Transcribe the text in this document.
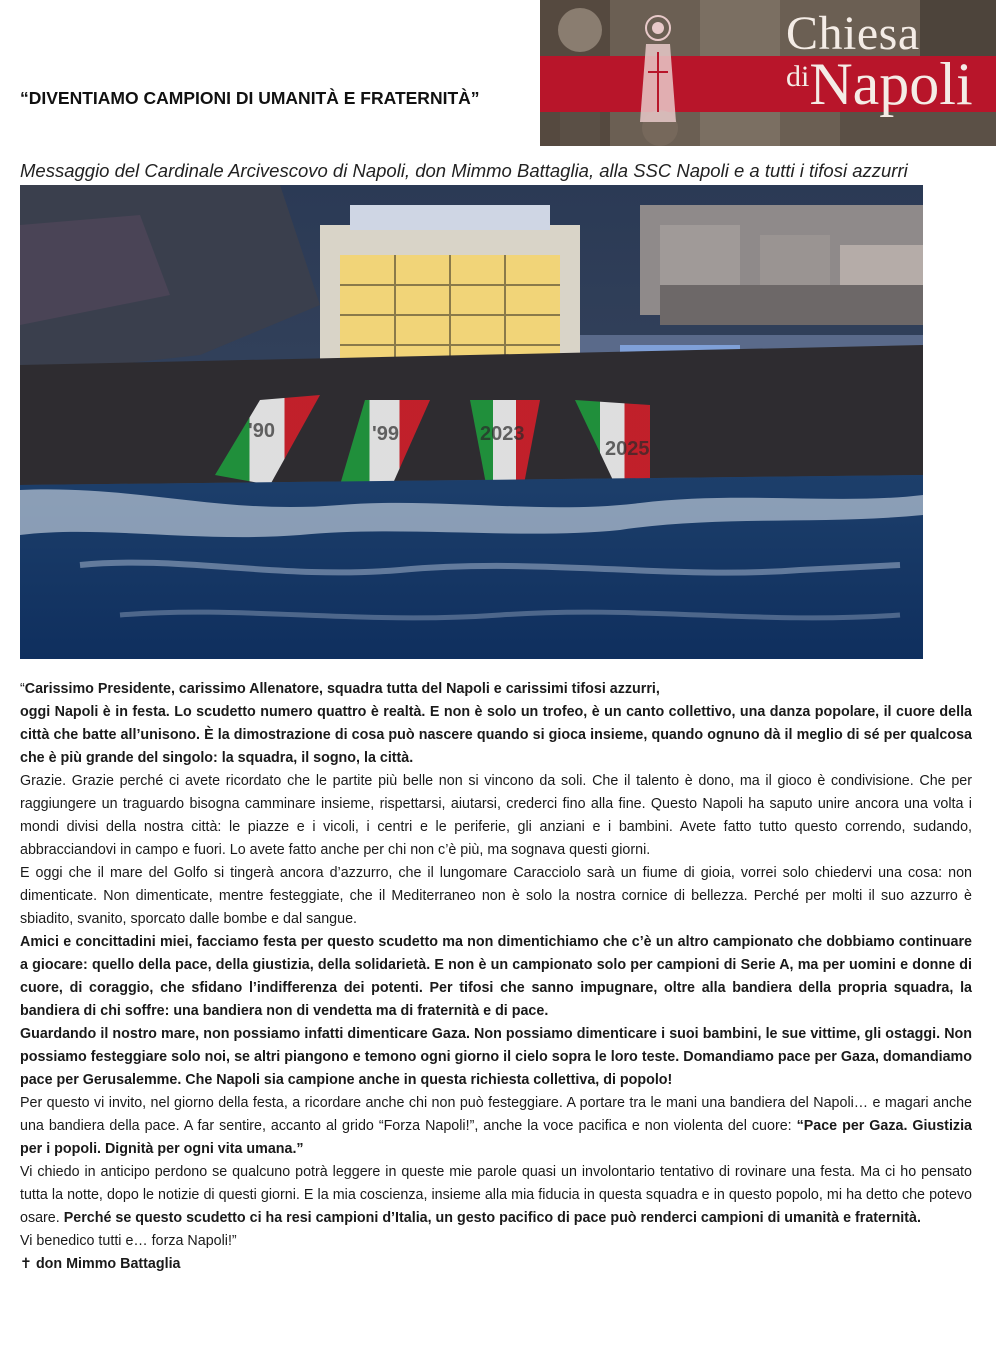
Chiesa
diNapoli
“DIVENTIAMO CAMPIONI DI UMANITÀ E FRATERNITÀ”
Messaggio del Cardinale Arcivescovo di Napoli, don Mimmo Battaglia, alla SSC Napoli e a tutti i tifosi azzurri
'90	'99	2023
2025

“Carissimo Presidente, carissimo Allenatore, squadra tutta del Napoli e carissimi tifosi azzurri,

oggi Napoli è in festa. Lo scudetto numero quattro è realtà. E non è solo un trofeo, è un canto collettivo, una danza popolare, il cuore della città che batte all’unisono. È la dimostrazione di cosa può nascere quando si gioca insieme, quando ognuno dà il meglio di sé per qualcosa che è più grande del singolo: la squadra, il sogno, la città.

Grazie. Grazie perché ci avete ricordato che le partite più belle non si vincono da soli. Che il talento è dono, ma il gioco è condivisione. Che per raggiungere un traguardo bisogna camminare insieme, rispettarsi, aiutarsi, crederci fino alla fine. Questo Napoli ha saputo unire ancora una volta i mondi divisi della nostra città: le piazze e i vicoli, i centri e le periferie, gli anziani e i bambini. Avete fatto tutto questo correndo, sudando, abbracciandovi in campo e fuori. Lo avete fatto anche per chi non c’è più, ma sognava questi giorni.

E oggi che il mare del Golfo si tingerà ancora d’azzurro, che il lungomare Caracciolo sarà un fiume di gioia, vorrei solo chiedervi una cosa: non dimenticate. Non dimenticate, mentre festeggiate, che il Mediterraneo non è solo la nostra cornice di bellezza. Perché per molti il suo azzurro è sbiadito, svanito, sporcato dalle bombe e dal sangue.

Amici e concittadini miei, facciamo festa per questo scudetto ma non dimentichiamo che c’è un altro campionato che dobbiamo continuare a giocare: quello della pace, della giustizia, della solidarietà. E non è un campionato solo per campioni di Serie A, ma per uomini e donne di cuore, di coraggio, che sfidano l’indifferenza dei potenti. Per tifosi che sanno impugnare, oltre alla bandiera della propria squadra, la bandiera di chi soffre: una bandiera non di vendetta ma di fraternità e di pace.

Guardando il nostro mare, non possiamo infatti dimenticare Gaza. Non possiamo dimenticare i suoi bambini, le sue vittime, gli ostaggi. Non possiamo festeggiare solo noi, se altri piangono e temono ogni giorno il cielo sopra le loro teste. Domandiamo pace per Gaza, domandiamo pace per Gerusalemme. Che Napoli sia campione anche in questa richiesta collettiva, di popolo!

Per questo vi invito, nel giorno della festa, a ricordare anche chi non può festeggiare. A portare tra le mani una bandiera del Napoli… e magari anche una bandiera della pace. A far sentire, accanto al grido “Forza Napoli!”, anche la voce pacifica e non violenta del cuore: “Pace per Gaza. Giustizia per i popoli. Dignità per ogni vita umana.”

Vi chiedo in anticipo perdono se qualcuno potrà leggere in queste mie parole quasi un involontario tentativo di rovinare una festa. Ma ci ho pensato tutta la notte, dopo le notizie di questi giorni. E la mia coscienza, insieme alla mia fiducia in questa squadra e in questo popolo, mi ha detto che potevo osare. Perché se questo scudetto ci ha resi campioni d’Italia, un gesto pacifico di pace può renderci campioni di umanità e fraternità.

Vi benedico tutti e… forza Napoli!”

✝ don Mimmo Battaglia
